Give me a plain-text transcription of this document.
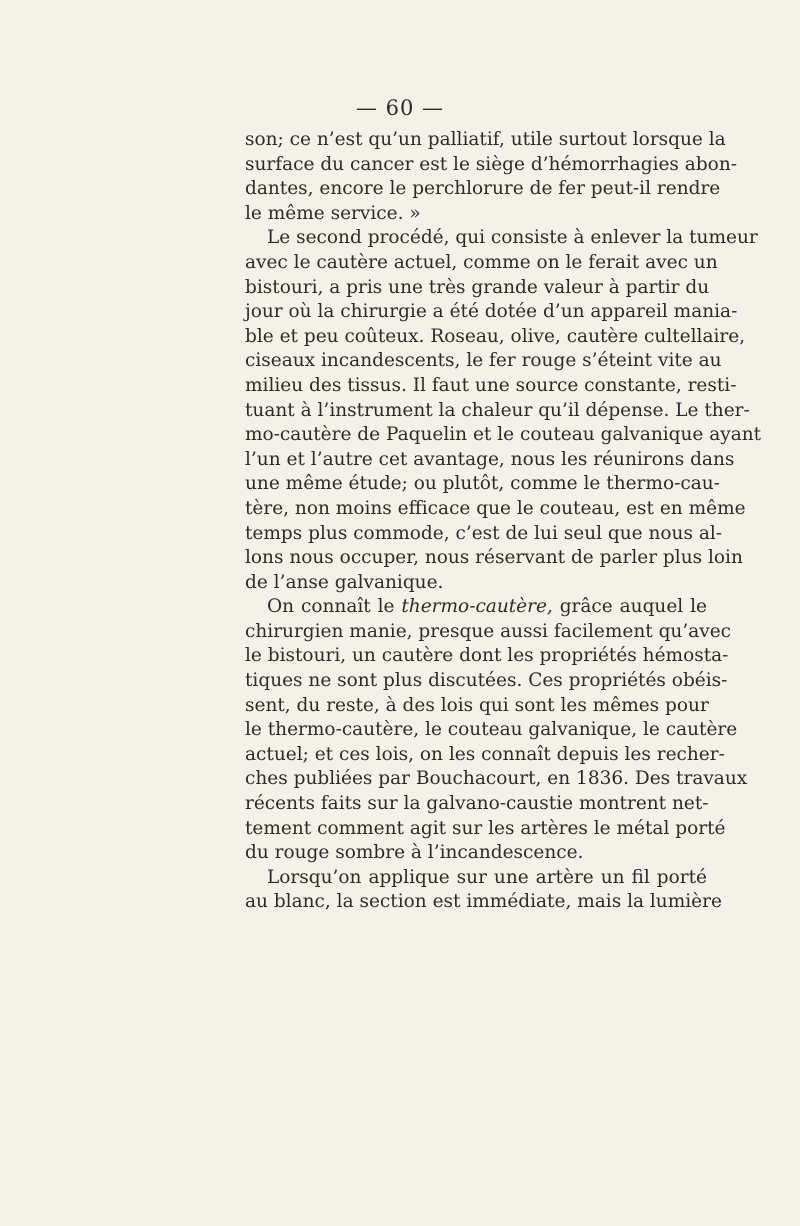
— 60 —
son; ce n’est qu’un palliatif, utile surtout lorsque la
surface du cancer est le siège d’hémorrhagies abon-
dantes, encore le perchlorure de fer peut-il rendre
le même service. »
Le second procédé, qui consiste à enlever la tumeur
avec le cautère actuel, comme on le ferait avec un
bistouri, a pris une très grande valeur à partir du
jour où la chirurgie a été dotée d’un appareil mania-
ble et peu coûteux. Roseau, olive, cautère cultellaire,
ciseaux incandescents, le fer rouge s’éteint vite au
milieu des tissus. Il faut une source constante, resti-
tuant à l’instrument la chaleur qu’il dépense. Le ther-
mo-cautère de Paquelin et le couteau galvanique ayant
l’un et l’autre cet avantage, nous les réunirons dans
une même étude; ou plutôt, comme le thermo-cau-
tère, non moins efficace que le couteau, est en même
temps plus commode, c’est de lui seul que nous al-
lons nous occuper, nous réservant de parler plus loin
de l’anse galvanique.
On connaît le thermo-cautère, grâce auquel le
chirurgien manie, presque aussi facilement qu’avec
le bistouri, un cautère dont les propriétés hémosta-
tiques ne sont plus discutées. Ces propriétés obéis-
sent, du reste, à des lois qui sont les mêmes pour
le thermo-cautère, le couteau galvanique, le cautère
actuel; et ces lois, on les connaît depuis les recher-
ches publiées par Bouchacourt, en 1836. Des travaux
récents faits sur la galvano-caustie montrent net-
tement comment agit sur les artères le métal porté
du rouge sombre à l’incandescence.
Lorsqu’on applique sur une artère un fil porté
au blanc, la section est immédiate, mais la lumière
